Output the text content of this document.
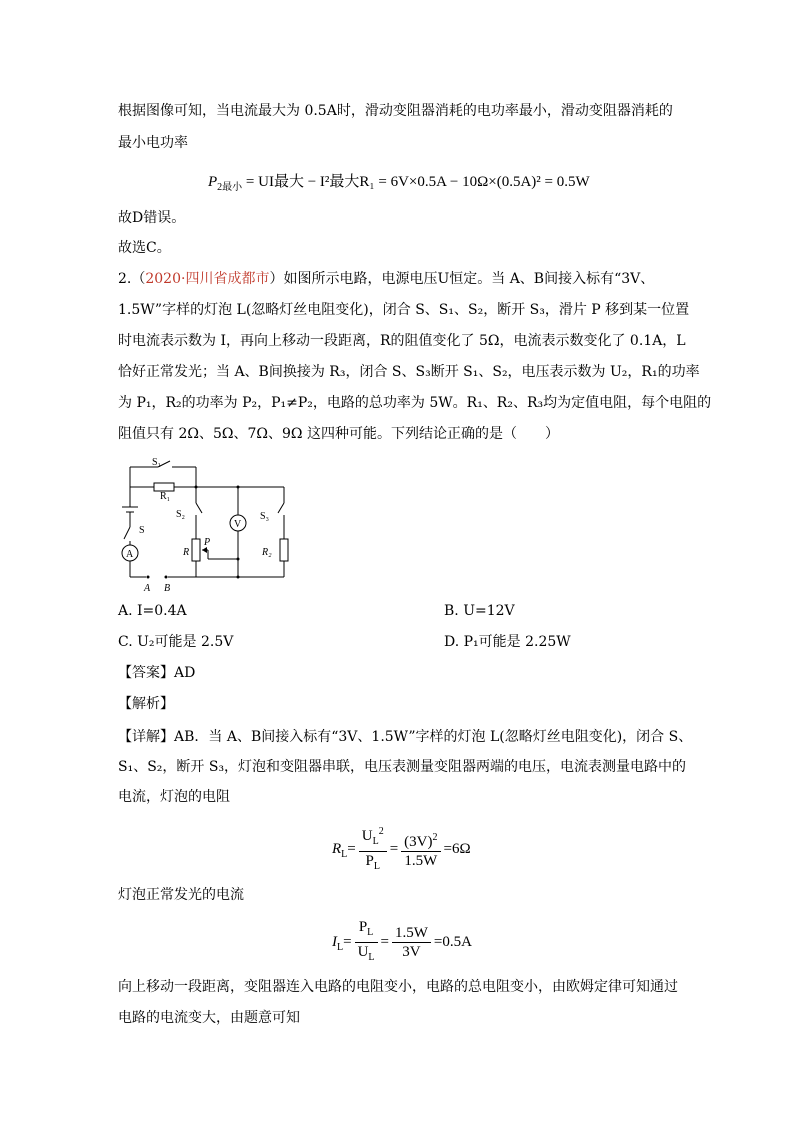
根据图像可知，当电流最大为 0.5A时，滑动变阻器消耗的电功率最小，滑动变阻器消耗的
最小电功率
$P_{2最小}$ = UI最大 − I²最大R₁ = 6V×0.5A − 10Ω×(0.5A)² = 0.5W
故D错误。
故选C。
2.（2020·四川省成都市）如图所示电路，电源电压U恒定。当 A、B间接入标有“3V、
1.5W”字样的灯泡 L(忽略灯丝电阻变化)，闭合 S、S₁、S₂，断开 S₃，滑片 P 移到某一位置
时电流表示数为 I，再向上移动一段距离，R的阻值变化了 5Ω，电流表示数变化了 0.1A，L
恰好正常发光；当 A、B间换接为 R₃，闭合 S、S₃断开 S₁、S₂，电压表示数为 U₂，R₁的功率
为 P₁，R₂的功率为 P₂，P₁≠P₂，电路的总功率为 5W。R₁、R₂、R₃均为定值电阻，每个电阻的
阻值只有 2Ω、5Ω、7Ω、9Ω 这四种可能。下列结论正确的是（　　）
S₁
R₁
S
A
S₂
R
P
V
S₃
R₂
A B
A. I=0.4A	B. U=12V
C. U₂可能是 2.5V	D. P₁可能是 2.25W
【答案】AD
【解析】
【详解】AB．当 A、B间接入标有“3V、1.5W”字样的灯泡 L(忽略灯丝电阻变化)，闭合 S、
S₁、S₂，断开 S₃，灯泡和变阻器串联，电压表测量变阻器两端的电压，电流表测量电路中的
电流，灯泡的电阻
$R_L= \frac{U_L^2}{P_L} = \frac{(3V)^2}{1.5W} =6\Omega$
灯泡正常发光的电流
$I_L= \frac{P_L}{U_L} = \frac{1.5W}{3V} =0.5A$
向上移动一段距离，变阻器连入电路的电阻变小，电路的总电阻变小，由欧姆定律可知通过
电路的电流变大，由题意可知
